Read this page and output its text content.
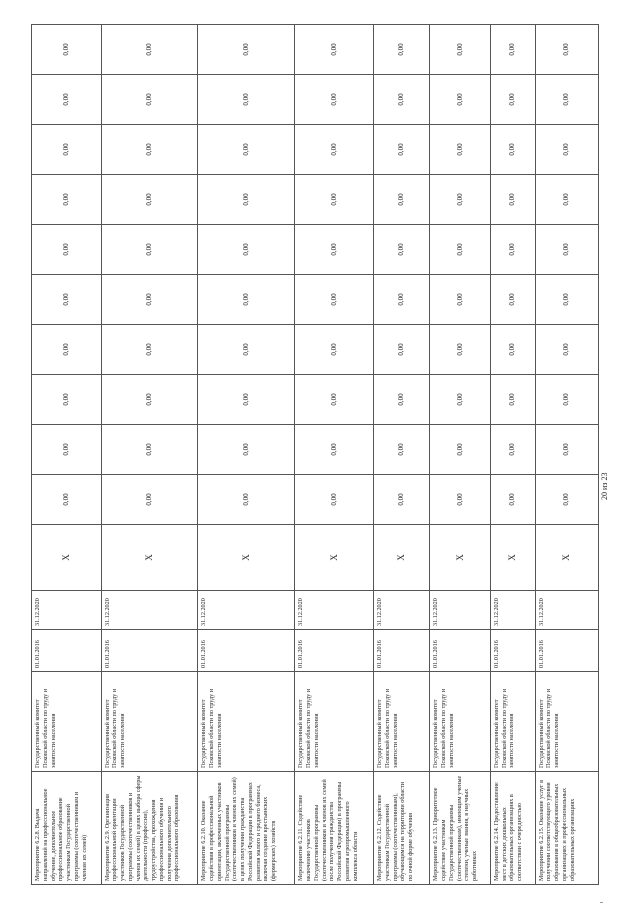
Мероприятие 6.2.8. Выдача направлений на профессиональное обучение, дополнительное профессиональное образование участникам Государственной программы (соотечественникам и членам их семей)	Государственный комитет Псковской области по труду и занятости населения	01.01.2016	31.12.2020	X	0,00	0,00	0,00	0,00	0,00	0,00	0,00	0,00	0,00	0,00
Мероприятие 6.2.9. Организация профессиональной ориентации участников Государственной программы (соотечественников и членов их семей) в целях выбора сферы деятельности (профессии), трудоустройства, прохождения профессионального обучения и получения дополнительного профессионального образования	Государственный комитет Псковской области по труду и занятости населения	01.01.2016	31.12.2020	X	0,00	0,00	0,00	0,00	0,00	0,00	0,00	0,00	0,00	0,00
Мероприятие 6.2.10. Оказание содействия в профессиональной ориентации, включенных участников Государственной программы (соотечественников и членов их семей) в целях получения гражданства Российской Федерации в программах развития малого и среднего бизнеса, включая создание крестьянских (фермерских) хозяйств	Государственный комитет Псковской области по труду и занятости населения	01.01.2016	31.12.2020	X	0,00	0,00	0,00	0,00	0,00	0,00	0,00	0,00	0,00	0,00
Мероприятие 6.2.11. Содействие включению участников Государственной программы (соотечественников и членов их семей после получения гражданства Российской Федерации) в программы развития агропромышленного комплекса области	Государственный комитет Псковской области по труду и занятости населения	01.01.2016	31.12.2020	X	0,00	0,00	0,00	0,00	0,00	0,00	0,00	0,00	0,00	0,00
Мероприятие 6.2.12. Содействие участникам Государственной программы (соотечественникам), обучающимся на территории области по очной форме обучения	Государственный комитет Псковской области по труду и занятости населения	01.01.2016	31.12.2020	X	0,00	0,00	0,00	0,00	0,00	0,00	0,00	0,00	0,00	0,00
Мероприятие 6.2.13. Приоритетное содействие участникам Государственной программы (соотечественникам), имеющим ученые степени, ученые звания, в научных работниках	Государственный комитет Псковской области по труду и занятости населения	01.01.2016	31.12.2020	X	0,00	0,00	0,00	0,00	0,00	0,00	0,00	0,00	0,00	0,00
Мероприятие 6.2.14. Предоставление мест в детских дошкольных образовательных организациях в соответствии с очередностью	Государственный комитет Псковской области по труду и занятости населения	01.01.2016	31.12.2020	X	0,00	0,00	0,00	0,00	0,00	0,00	0,00	0,00	0,00	0,00
Мероприятие 6.2.15. Оказание услуг в получении соответствующего уровня образования в общеобразовательных организациях и профессиональных образовательных организациях	Государственный комитет Псковской области по труду и занятости населения	01.01.2016	31.12.2020	X	0,00	0,00	0,00	0,00	0,00	0,00	0,00	0,00	0,00	0,00
20 из 23
